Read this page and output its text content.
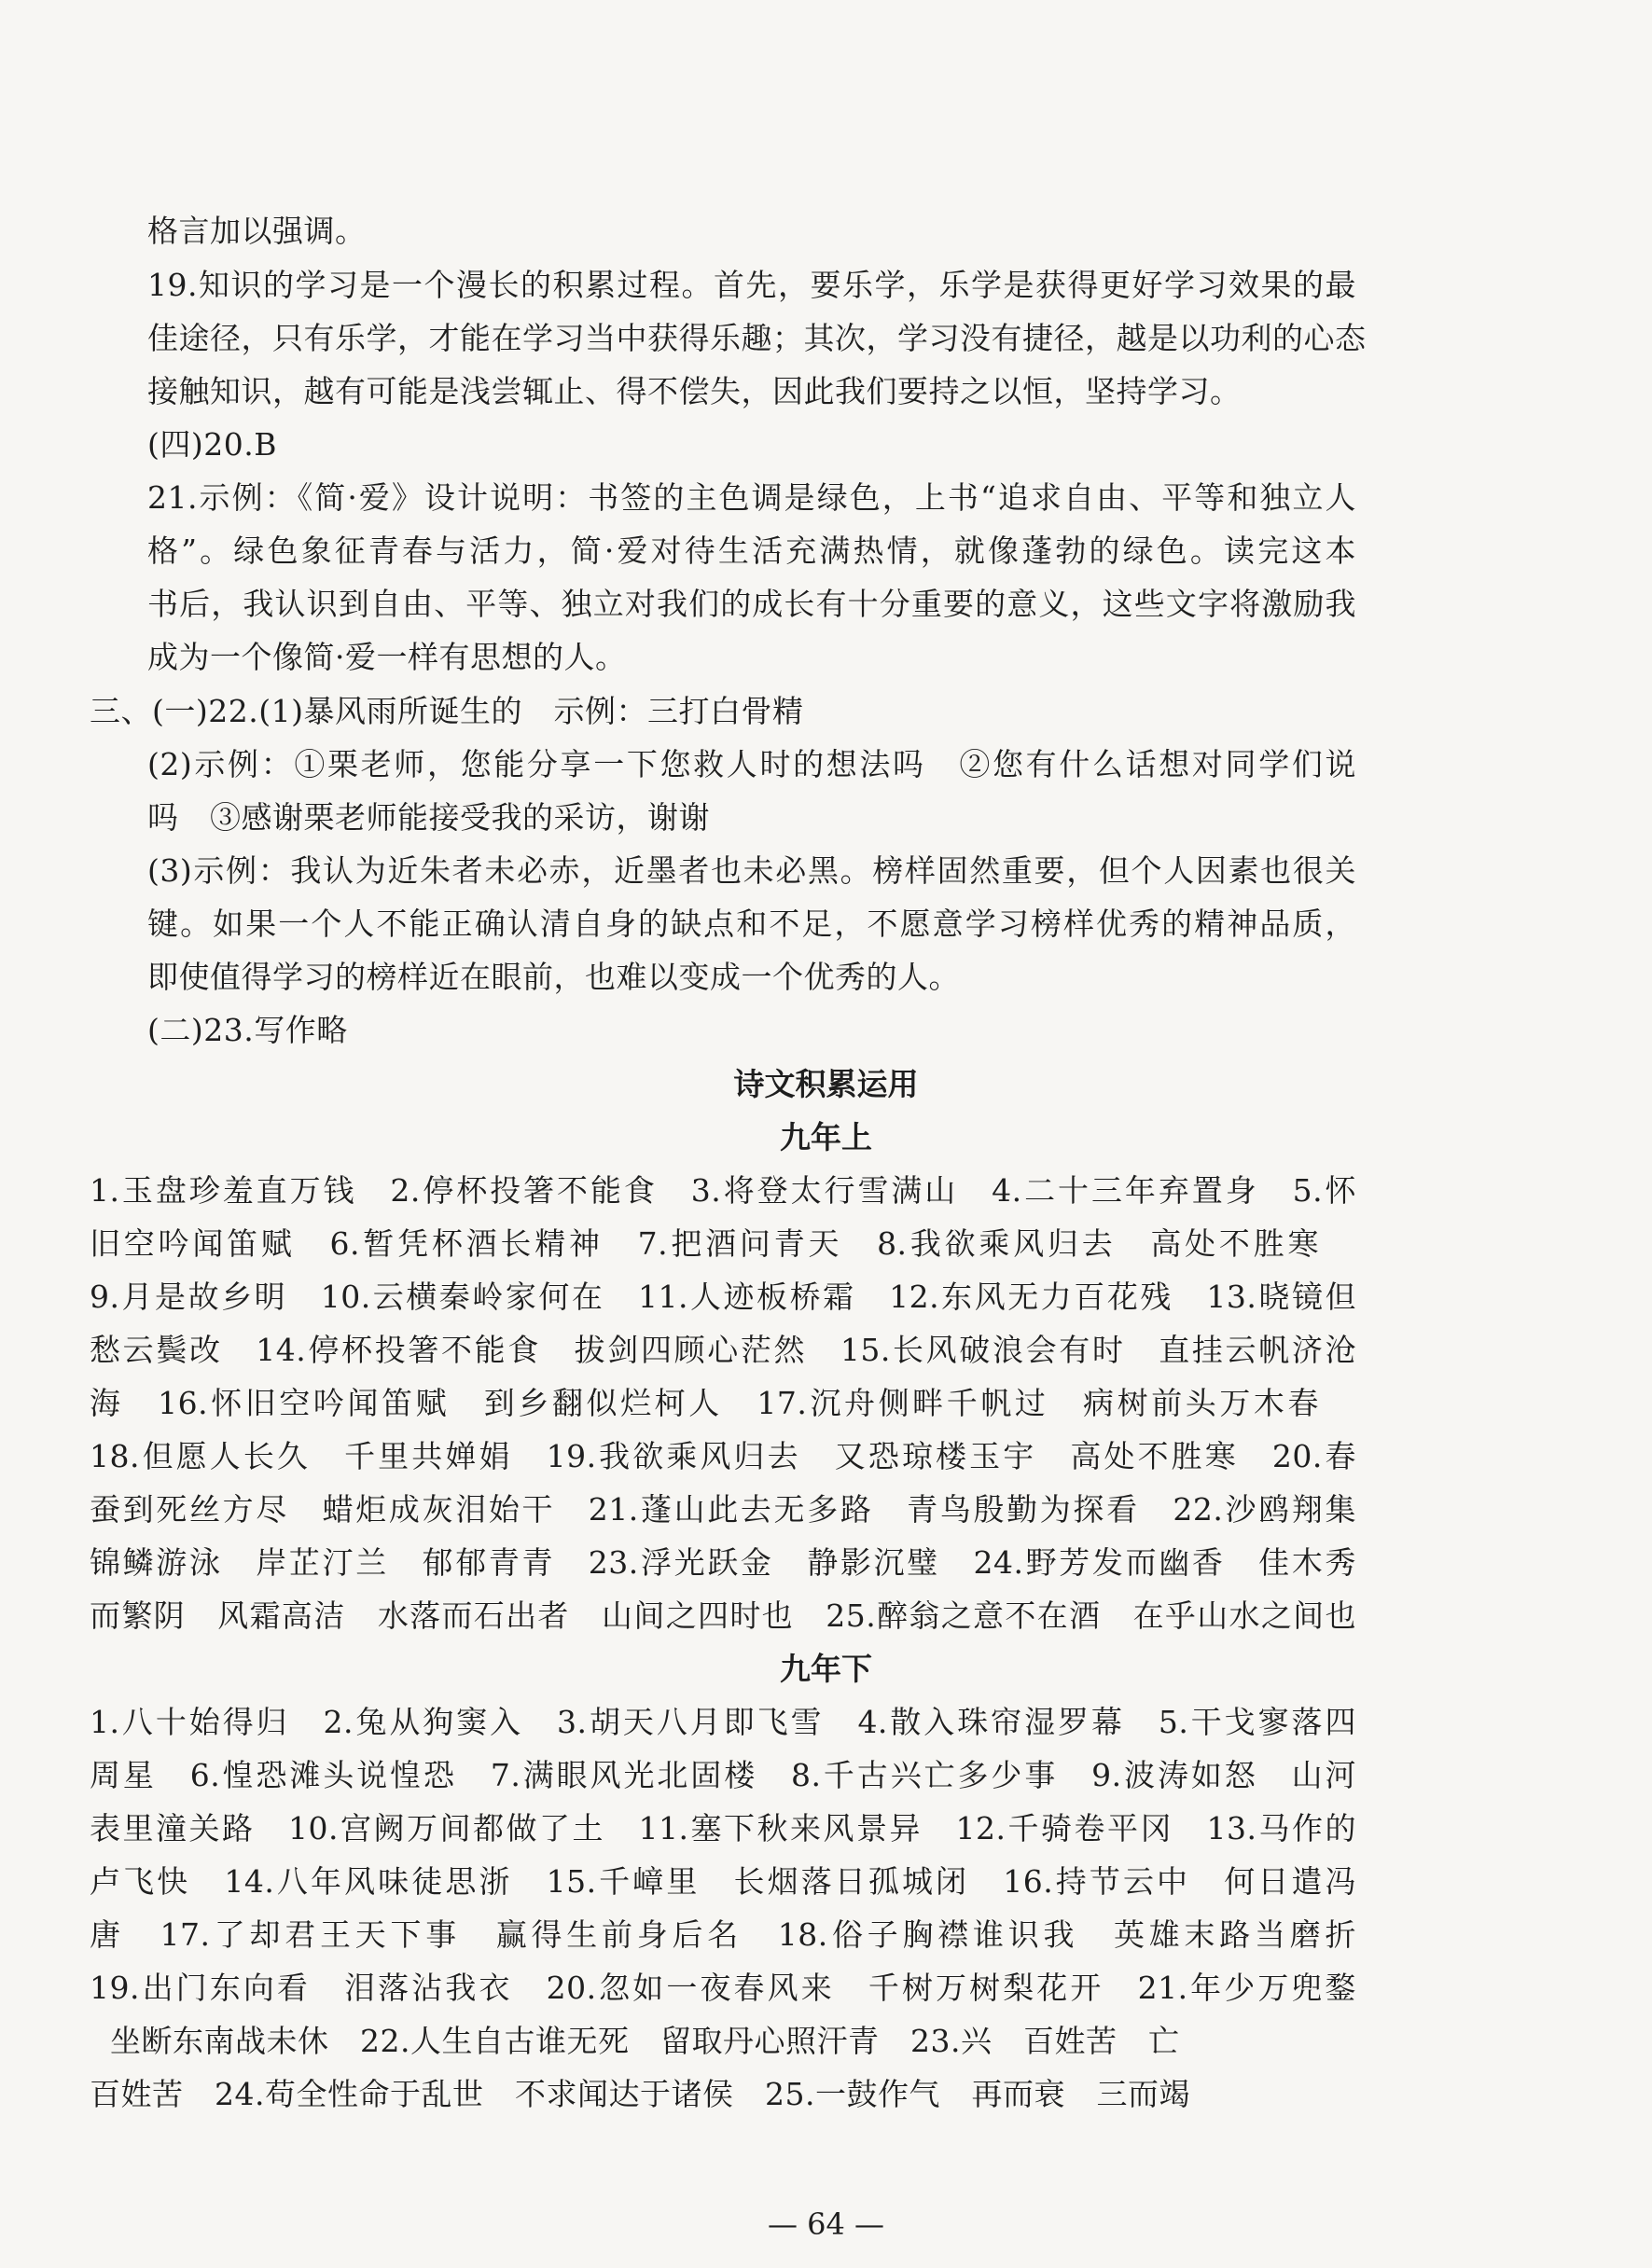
格言加以强调。
19.知识的学习是一个漫长的积累过程。首先，要乐学，乐学是获得更好学习效果的最
佳途径，只有乐学，才能在学习当中获得乐趣；其次，学习没有捷径，越是以功利的心态
接触知识，越有可能是浅尝辄止、得不偿失，因此我们要持之以恒，坚持学习。
(四)20.B
21.示例：《简·爱》设计说明：书签的主色调是绿色，上书“追求自由、平等和独立人
格”。绿色象征青春与活力，简·爱对待生活充满热情，就像蓬勃的绿色。读完这本
书后，我认识到自由、平等、独立对我们的成长有十分重要的意义，这些文字将激励我
成为一个像简·爱一样有思想的人。
三、(一)22.(1)暴风雨所诞生的　示例：三打白骨精
(2)示例：①栗老师，您能分享一下您救人时的想法吗　②您有什么话想对同学们说
吗　③感谢栗老师能接受我的采访，谢谢
(3)示例：我认为近朱者未必赤，近墨者也未必黑。榜样固然重要，但个人因素也很关
键。如果一个人不能正确认清自身的缺点和不足，不愿意学习榜样优秀的精神品质，
即使值得学习的榜样近在眼前，也难以变成一个优秀的人。
(二)23.写作略
诗文积累运用
九年上
1.玉盘珍羞直万钱　2.停杯投箸不能食　3.将登太行雪满山　4.二十三年弃置身　5.怀
旧空吟闻笛赋　6.暂凭杯酒长精神　7.把酒问青天　8.我欲乘风归去　高处不胜寒
9.月是故乡明　10.云横秦岭家何在　11.人迹板桥霜　12.东风无力百花残　13.晓镜但
愁云鬓改　14.停杯投箸不能食　拔剑四顾心茫然　15.长风破浪会有时　直挂云帆济沧
海　16.怀旧空吟闻笛赋　到乡翻似烂柯人　17.沉舟侧畔千帆过　病树前头万木春
18.但愿人长久　千里共婵娟　19.我欲乘风归去　又恐琼楼玉宇　高处不胜寒　20.春
蚕到死丝方尽　蜡炬成灰泪始干　21.蓬山此去无多路　青鸟殷勤为探看　22.沙鸥翔集
锦鳞游泳　岸芷汀兰　郁郁青青　23.浮光跃金　静影沉璧　24.野芳发而幽香　佳木秀
而繁阴　风霜高洁　水落而石出者　山间之四时也　25.醉翁之意不在酒　在乎山水之间也
九年下
1.八十始得归　2.兔从狗窦入　3.胡天八月即飞雪　4.散入珠帘湿罗幕　5.干戈寥落四
周星　6.惶恐滩头说惶恐　7.满眼风光北固楼　8.千古兴亡多少事　9.波涛如怒　山河
表里潼关路　10.宫阙万间都做了土　11.塞下秋来风景异　12.千骑卷平冈　13.马作的
卢飞快　14.八年风味徒思浙　15.千嶂里　长烟落日孤城闭　16.持节云中　何日遣冯
唐　17.了却君王天下事　赢得生前身后名　18.俗子胸襟谁识我　英雄末路当磨折
19.出门东向看　泪落沾我衣　20.忽如一夜春风来　千树万树梨花开　21.年少万兜鍪
坐断东南战未休　22.人生自古谁无死　留取丹心照汗青　23.兴　百姓苦　亡
百姓苦　24.苟全性命于乱世　不求闻达于诸侯　25.一鼓作气　再而衰　三而竭
— 64 —
